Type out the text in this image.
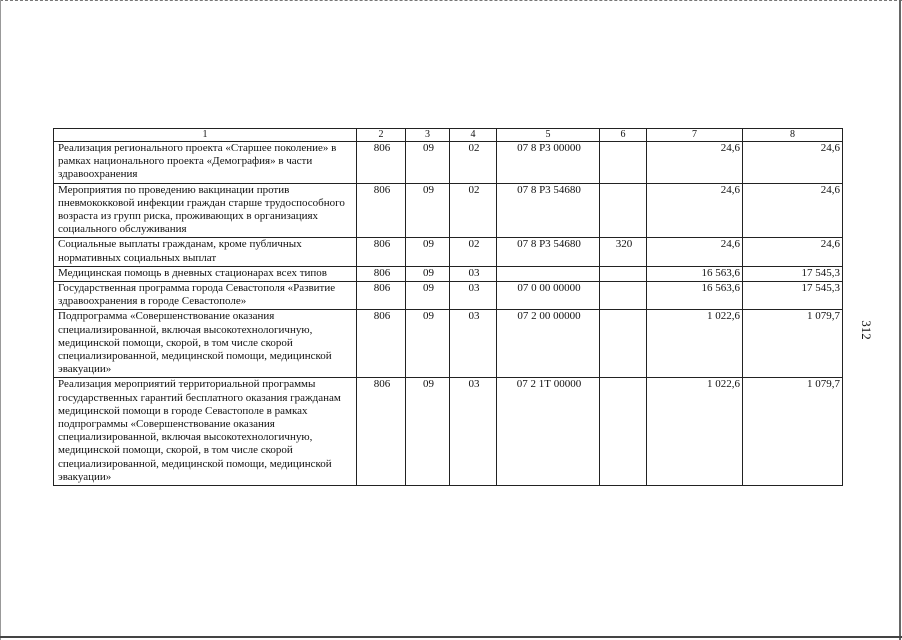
1	2	3	4	5	6	7	8
Реализация регионального проекта «Старшее поколение» в рамках национального проекта «Демография» в части здравоохранения	806	09	02	07 8 P3 00000		24,6	24,6
Мероприятия по проведению вакцинации против пневмококковой инфекции граждан старше трудоспособного возраста из групп риска, проживающих в организациях социального обслуживания	806	09	02	07 8 P3 54680		24,6	24,6
Социальные выплаты гражданам, кроме публичных нормативных социальных выплат	806	09	02	07 8 P3 54680	320	24,6	24,6
Медицинская помощь в дневных стационарах всех типов	806	09	03			16 563,6	17 545,3
Государственная программа города Севастополя «Развитие здравоохранения в городе Севастополе»	806	09	03	07 0 00 00000		16 563,6	17 545,3
Подпрограмма «Совершенствование оказания специализированной, включая высокотехнологичную, медицинской помощи, скорой, в том числе скорой специализированной, медицинской помощи, медицинской эвакуации»	806	09	03	07 2 00 00000		1 022,6	1 079,7
Реализация мероприятий территориальной программы государственных гарантий бесплатного оказания гражданам медицинской помощи в городе Севастополе в рамках подпрограммы «Совершенствование оказания специализированной, включая высокотехнологичную, медицинской помощи, скорой, в том числе скорой специализированной, медицинской помощи, медицинской эвакуации»	806	09	03	07 2 1Т 00000		1 022,6	1 079,7
312
